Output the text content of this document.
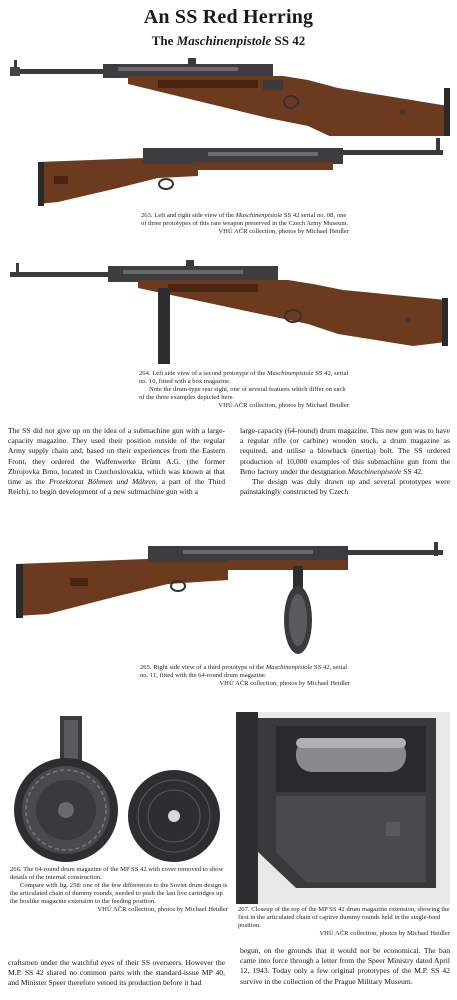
An SS Red Herring
The Maschinenpistole SS 42
263. Left and right side view of the Maschinenpistole SS 42 serial no. 08, one of three prototypes of this rare weapon preserved in the Czech Army Museum.
VHÚ AČR collection, photos by Michael Heidler
264. Left side view of a second prototype of the Maschinenpistole SS 42, serial no. 10, fitted with a box magazine.
Note the drum-type rear sight, one of several features which differ on each of the three examples depicted here.
VHÚ AČR collection, photos by Michael Heidler

The SS did not give up on the idea of a submachine gun with a large-capacity magazine. They used their position outside of the regular Army supply chain and, based on their experiences from the Eastern Front, they ordered the Waffenwerke Brünn A.G. (the former Zbrojovka Brno, located in Czechoslovakia, which was known at that time as the Protektorat Böhmen und Mähren, a part of the Third Reich), to begin development of a new submachine gun with a

large-capacity (64-round) drum magazine. This new gun was to have a regular rifle (or carbine) wooden stock, a drum magazine as required, and utilise a blowback (inertia) bolt. The SS ordered production of 10,000 examples of this submachine gun from the Brno factory under the designation Maschinenpistole SS 42.

The design was duly drawn up and several prototypes were painstakingly constructed by Czech

265. Right side view of a third prototype of the Maschinenpistole SS 42, serial no. 11, fitted with the 64-round drum magazine.
VHÚ AČR collection, photos by Michael Heidler
266. The 64-round drum magazine of the MP SS 42 with cover removed to show details of the internal construction.
Compare with fig. 258: one of the few differences to the Soviet drum design is the articulated chain of dummy rounds, needed to push the last live cartridges up the boxlike magazine extension to the feeding position.
VHÚ AČR collection, photos by Michael Heidler 267. Closeup of the top of the MP SS 42 drum magazine extension, showing the first in the articulated chain of captive dummy rounds held in the single-feed position.
VHÚ AČR collection, photos by Michael Heidler

craftsmen under the watchful eyes of their SS overseers. However the M.P. SS 42 shared no common parts with the standard-issue MP 40, and Minister Speer therefore vetoed its production before it had

begun, on the grounds that it would not be economical. The ban came into force through a letter from the Speer Ministry dated April 12, 1943. Today only a few original prototypes of the M.P. SS 42 survive in the collection of the Prague Military Museum.
